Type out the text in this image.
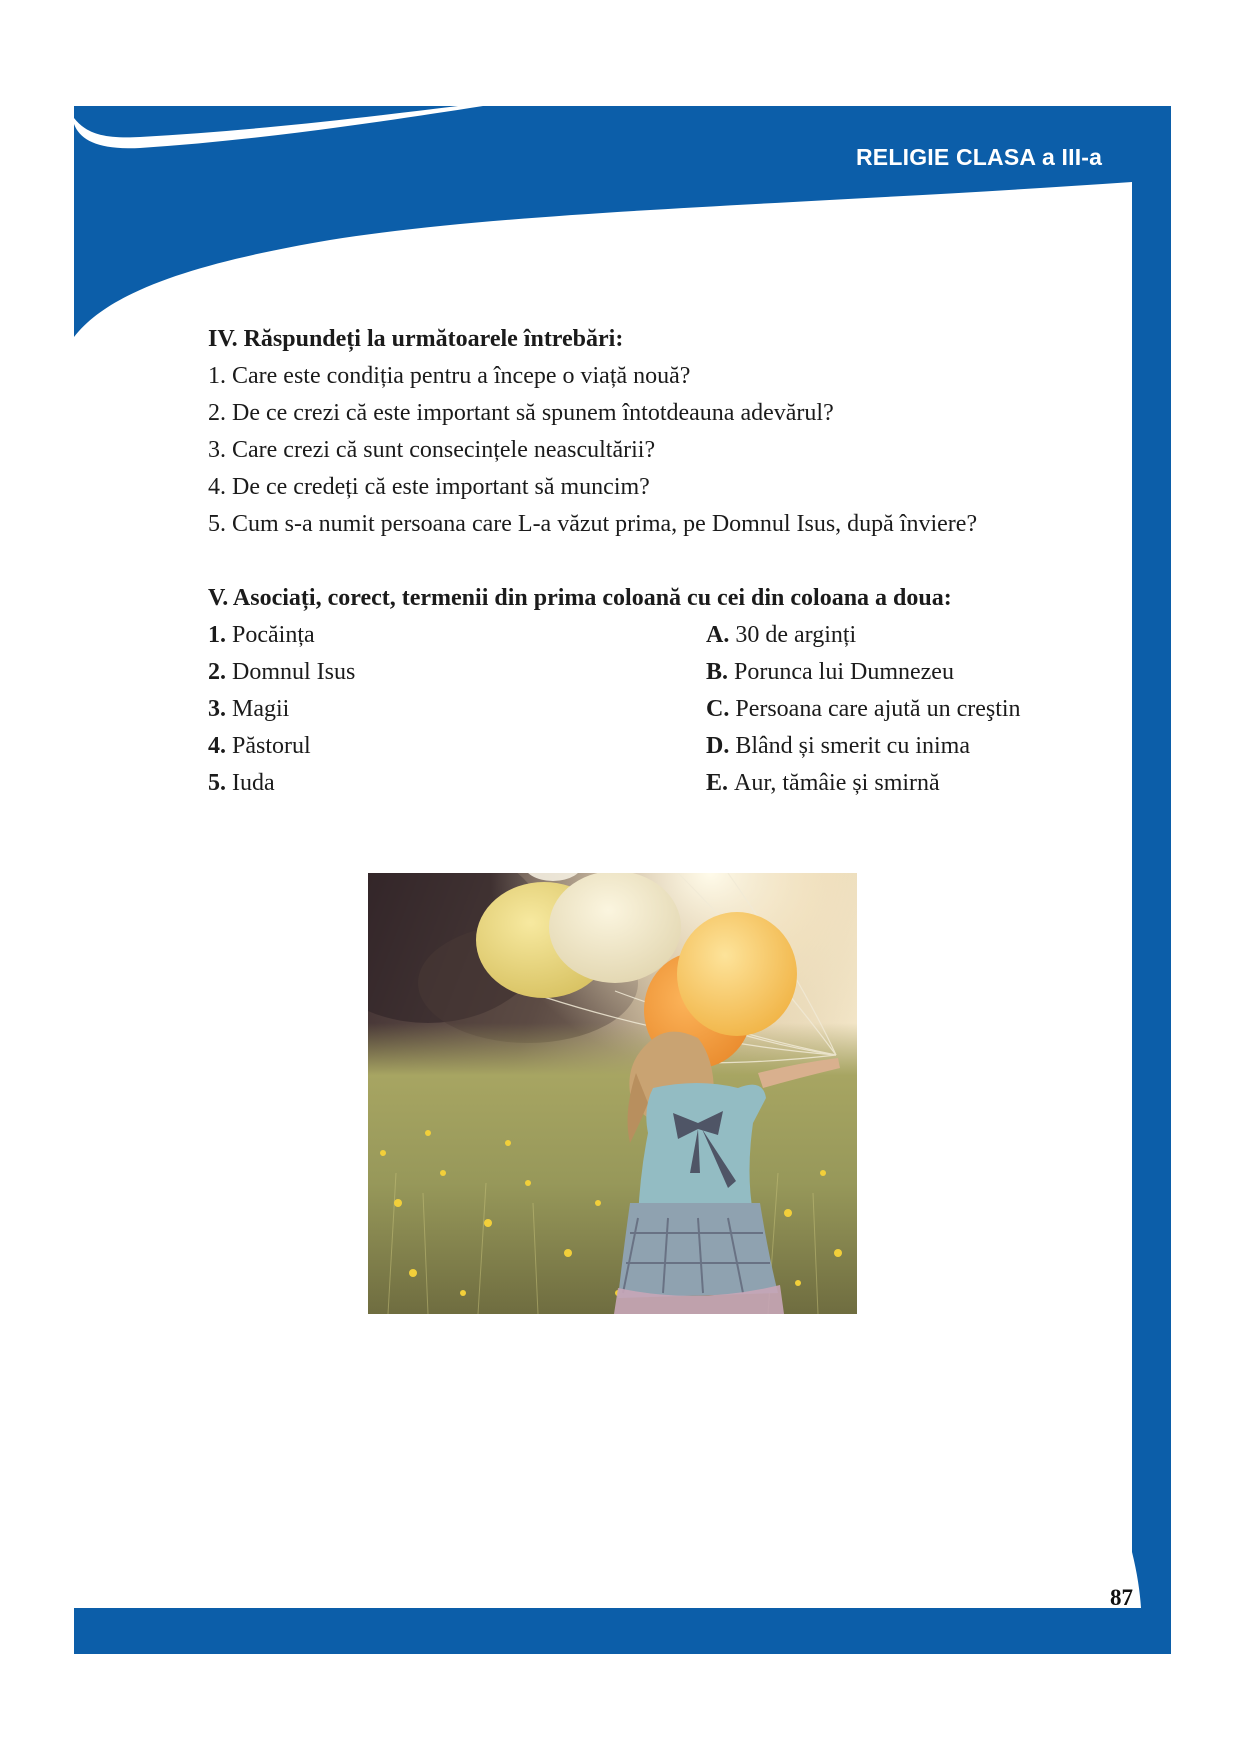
RELIGIE CLASA a III-a
IV. Răspundeți la următoarele întrebări:
1. Care este condiția pentru a începe o viață nouă?
2. De ce crezi că este important să spunem întotdeauna adevărul?
3. Care crezi că sunt consecințele neascultării?
4. De ce credeți că este important să muncim?
5. Cum s-a numit persoana care L-a văzut prima, pe Domnul Isus, după înviere?
V. Asociați, corect, termenii din prima coloană cu cei din coloana a doua:
1. Pocăința
2. Domnul Isus
3. Magii
4. Păstorul
5. Iuda
A. 30 de arginți
B. Porunca lui Dumnezeu
C. Persoana care ajută un creştin
D. Blând și smerit cu inima
E. Aur, tămâie și smirnă
87
